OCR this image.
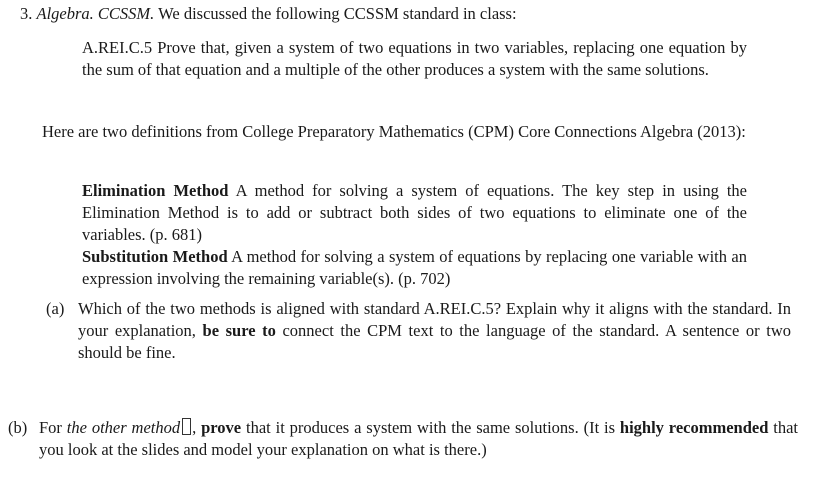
3. Algebra. CCSSM. We discussed the following CCSSM standard in class:
A.REI.C.5 Prove that, given a system of two equations in two variables, replacing one equation by the sum of that equation and a multiple of the other produces a system with the same solutions.
Here are two definitions from College Preparatory Mathematics (CPM) Core Connections Algebra (2013):
Elimination Method A method for solving a system of equations. The key step in using the Elimination Method is to add or subtract both sides of two equations to eliminate one of the variables. (p. 681)
Substitution Method A method for solving a system of equations by replacing one variable with an expression involving the remaining variable(s). (p. 702)
(a) Which of the two methods is aligned with standard A.REI.C.5? Explain why it aligns with the standard. In your explanation, be sure to connect the CPM text to the language of the standard. A sentence or two should be fine.
(b) For the other method , prove that it produces a system with the same solutions. (It is highly recommended that you look at the slides and model your explanation on what is there.)
